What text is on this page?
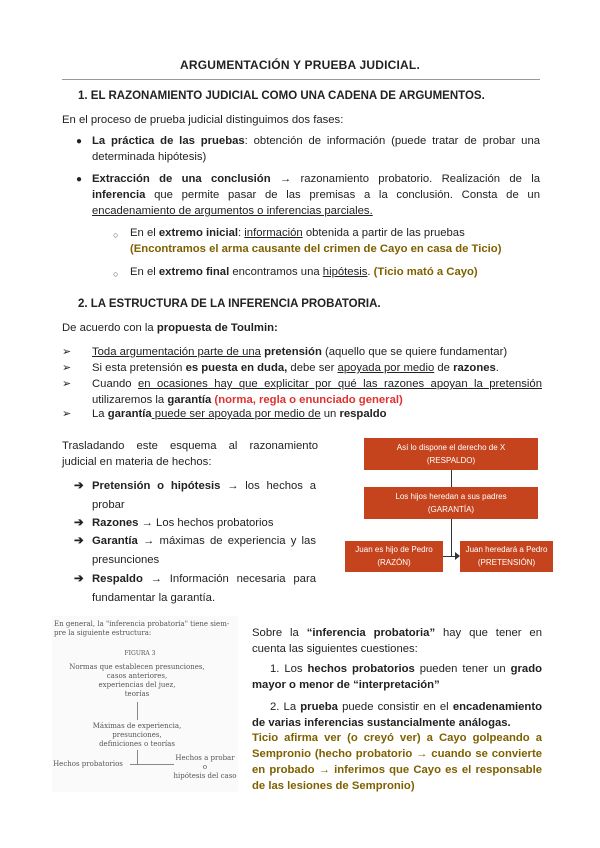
ARGUMENTACIÓN Y PRUEBA JUDICIAL.
1. EL RAZONAMIENTO JUDICIAL COMO UNA CADENA DE ARGUMENTOS.
En el proceso de prueba judicial distinguimos dos fases:
● La práctica de las pruebas: obtención de información (puede tratar de probar una determinada hipótesis)
● Extracción de una conclusión → razonamiento probatorio. Realización de la inferencia que permite pasar de las premisas a la conclusión. Consta de un encadenamiento de argumentos o inferencias parciales.
○ En el extremo inicial: información obtenida a partir de las pruebas (Encontramos el arma causante del crimen de Cayo en casa de Ticio)
○ En el extremo final encontramos una hipótesis. (Ticio mató a Cayo)
2. LA ESTRUCTURA DE LA INFERENCIA PROBATORIA.
De acuerdo con la propuesta de Toulmin:
➢	Toda argumentación parte de una pretensión (aquello que se quiere fundamentar)
➢	Si esta pretensión es puesta en duda, debe ser apoyada por medio de razones.
➢	Cuando en ocasiones hay que explicitar por qué las razones apoyan la pretensión utilizaremos la garantía (norma, regla o enunciado general)
➢	La garantía puede ser apoyada por medio de un respaldo
Trasladando este esquema al razonamiento judicial en materia de hechos:
➔ Pretensión o hipótesis → los hechos a probar
➔ Razones → Los hechos probatorios
➔ Garantía → máximas de experiencia y las presunciones
➔ Respaldo → Información necesaria para fundamentar la garantía.
Así lo dispone el derecho de X
(RESPALDO)
Los hijos heredan a sus padres
(GARANTÍA)
Juan es hijo de Pedro
(RAZÓN)
Juan heredará a Pedro
(PRETENSIÓN)
En general, la "inferencia probatoria" tiene siem-
pre la siguiente estructura:
FIGURA 3
Normas que establecen presunciones,
casos anteriores,
experiencias del juez,
teorías
Máximas de experiencia,
presunciones,
definiciones o teorías
Hechos probatorios
Hechos a probar
o
hipótesis del caso
Sobre la “inferencia probatoria” hay que tener en cuenta las siguientes cuestiones:
1. Los hechos probatorios pueden tener un grado mayor o menor de “interpretación”
2. La prueba puede consistir en el encadenamiento de varias inferencias sustancialmente análogas.
Ticio afirma ver (o creyó ver) a Cayo golpeando a Sempronio (hecho probatorio → cuando se convierte en probado → inferimos que Cayo es el responsable de las lesiones de Sempronio)
